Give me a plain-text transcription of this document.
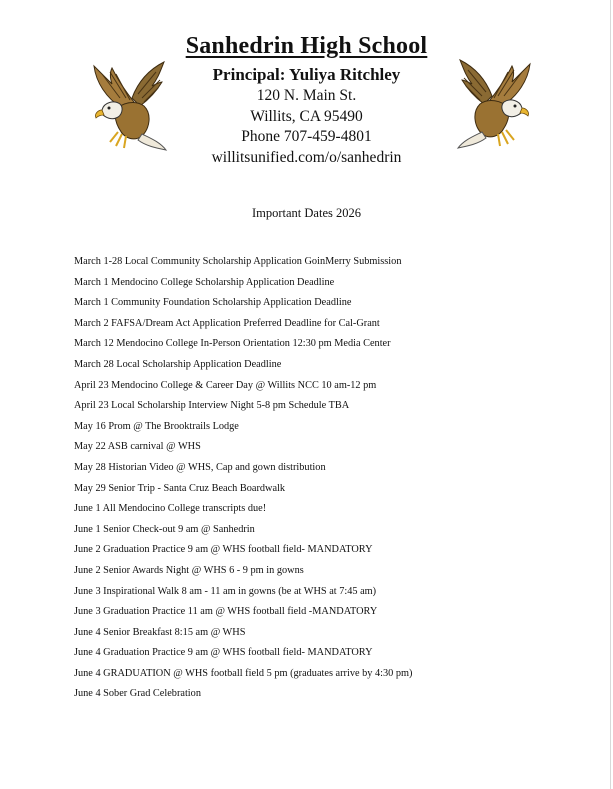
Sanhedrin High School

Principal: Yuliya Ritchley

120 N. Main St.

Willits, CA 95490

Phone 707-459-4801

willitsunified.com/o/sanhedrin

Important Dates 2026
March 1-28 Local Community Scholarship Application GoinMerry Submission
March 1 Mendocino College Scholarship Application Deadline
March 1 Community Foundation Scholarship Application Deadline
March 2 FAFSA/Dream Act Application Preferred Deadline for Cal-Grant
March 12 Mendocino College In-Person Orientation 12:30 pm Media Center
March 28 Local Scholarship Application Deadline
April 23 Mendocino College & Career Day @ Willits NCC 10 am-12 pm
April 23 Local Scholarship Interview Night 5-8 pm Schedule TBA
May 16 Prom @ The Brooktrails Lodge
May 22 ASB carnival @ WHS
May 28 Historian Video @ WHS, Cap and gown distribution
May 29 Senior Trip - Santa Cruz Beach Boardwalk
June 1 All Mendocino College transcripts due!
June 1 Senior Check-out 9 am @ Sanhedrin
June 2 Graduation Practice 9 am @ WHS football field- MANDATORY
June 2 Senior Awards Night @ WHS 6 - 9 pm in gowns
June 3 Inspirational Walk 8 am - 11 am in gowns (be at WHS at 7:45 am)
June 3 Graduation Practice 11 am @ WHS football field -MANDATORY
June 4 Senior Breakfast 8:15 am @ WHS
June 4 Graduation Practice 9 am @ WHS football field- MANDATORY
June 4 GRADUATION @ WHS football field 5 pm (graduates arrive by 4:30 pm)
June 4 Sober Grad Celebration
